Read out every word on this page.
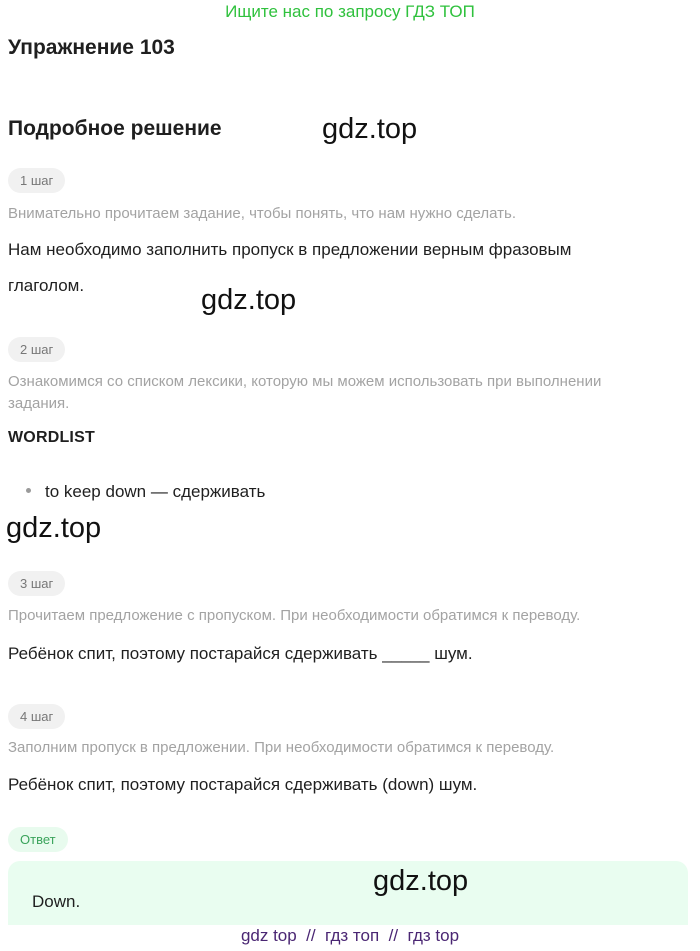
Ищите нас по запросу ГДЗ ТОП
Упражнение 103
Подробное решение	gdz.top
1 шаг
Внимательно прочитаем задание, чтобы понять, что нам нужно сделать.
Нам необходимо заполнить пропуск в предложении верным фразовым
глаголом.	gdz.top
2 шаг
Ознакомимся со списком лексики, которую мы можем использовать при выполнении
задания.
WORDLIST
to keep down — сдерживать
gdz.top
3 шаг
Прочитаем предложение с пропуском. При необходимости обратимся к переводу.
Ребёнок спит, поэтому постарайся сдерживать _____ шум.
4 шаг
Заполним пропуск в предложении. При необходимости обратимся к переводу.
Ребёнок спит, поэтому постарайся сдерживать (down) шум.
Ответ
Down.
gdz.top
gdz top  //  гдз топ  //  гдз top
